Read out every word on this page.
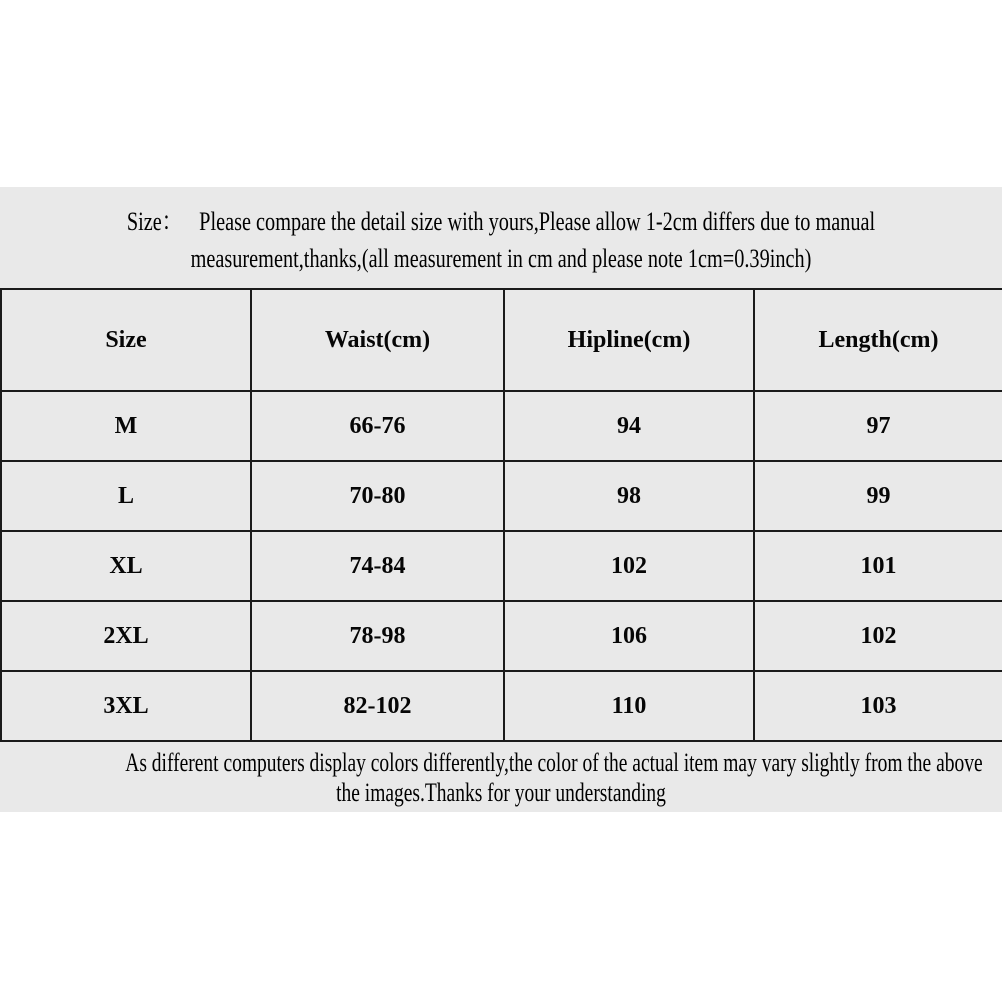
Size： Please compare the detail size with yours,Please allow 1-2cm differs due to manual

measurement,thanks,(all measurement in cm and please note 1cm=0.39inch)

Size	Waist(cm)	Hipline(cm)	Length(cm)
M	66-76	94	97
L	70-80	98	99
XL	74-84	102	101
2XL	78-98	106	102
3XL	82-102	110	103

As different computers display colors differently,the color of the actual item may vary slightly from the above

the images.Thanks for your understanding
